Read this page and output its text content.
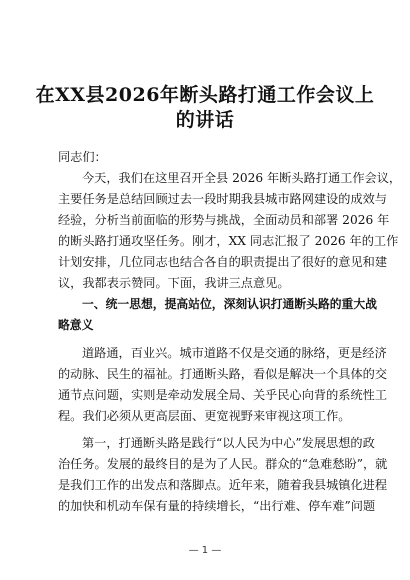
在XX县2026年断头路打通工作会议上
的讲话
同志们：
今天，我们在这里召开全县 2026 年断头路打通工作会议，
主要任务是总结回顾过去一段时期我县城市路网建设的成效与
经验，分析当前面临的形势与挑战，全面动员和部署 2026 年
的断头路打通攻坚任务。刚才，XX 同志汇报了 2026 年的工作
计划安排，几位同志也结合各自的职责提出了很好的意见和建
议，我都表示赞同。下面，我讲三点意见。
一、统一思想，提高站位，深刻认识打通断头路的重大战
略意义
道路通，百业兴。城市道路不仅是交通的脉络，更是经济
的动脉、民生的福祉。打通断头路，看似是解决一个具体的交
通节点问题，实则是牵动发展全局、关乎民心向背的系统性工
程。我们必须从更高层面、更宽视野来审视这项工作。
第一，打通断头路是践行“以人民为中心”发展思想的政
治任务。发展的最终目的是为了人民。群众的“急难愁盼”，就
是我们工作的出发点和落脚点。近年来，随着我县城镇化进程
的加快和机动车保有量的持续增长，“出行难、停车难”问题
— 1 —
